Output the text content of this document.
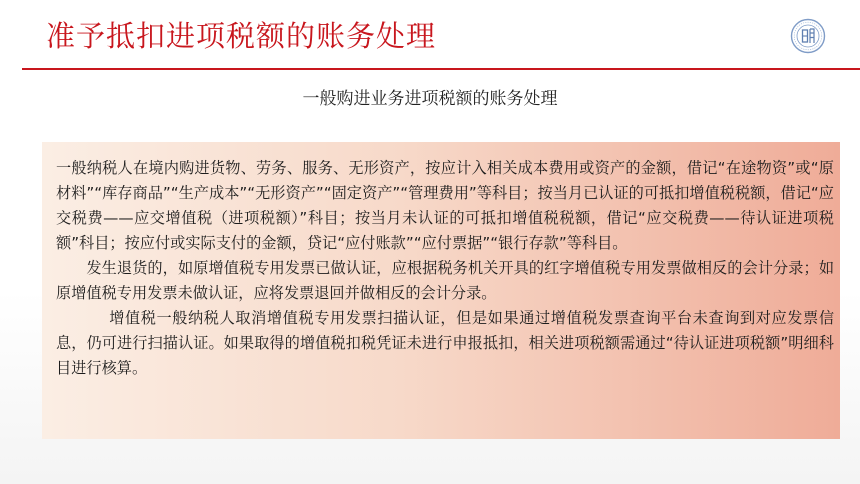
准予抵扣进项税额的账务处理
一般购进业务进项税额的账务处理

一般纳税人在境内购进货物、劳务、服务、无形资产，按应计入相关成本费用或资产的金额，借记“在途物资”或“原材料”“库存商品”“生产成本”“无形资产”“固定资产”“管理费用”等科目；按当月已认证的可抵扣增值税税额，借记“应交税费——应交增值税（进项税额）”科目；按当月未认证的可抵扣增值税税额，借记“应交税费——待认证进项税额”科目；按应付或实际支付的金额，贷记“应付账款”“应付票据”“银行存款”等科目。

发生退货的，如原增值税专用发票已做认证，应根据税务机关开具的红字增值税专用发票做相反的会计分录；如原增值税专用发票未做认证，应将发票退回并做相反的会计分录。

增值税一般纳税人取消增值税专用发票扫描认证，但是如果通过增值税发票查询平台未查询到对应发票信息，仍可进行扫描认证。如果取得的增值税扣税凭证未进行申报抵扣，相关进项税额需通过“待认证进项税额”明细科目进行核算。
